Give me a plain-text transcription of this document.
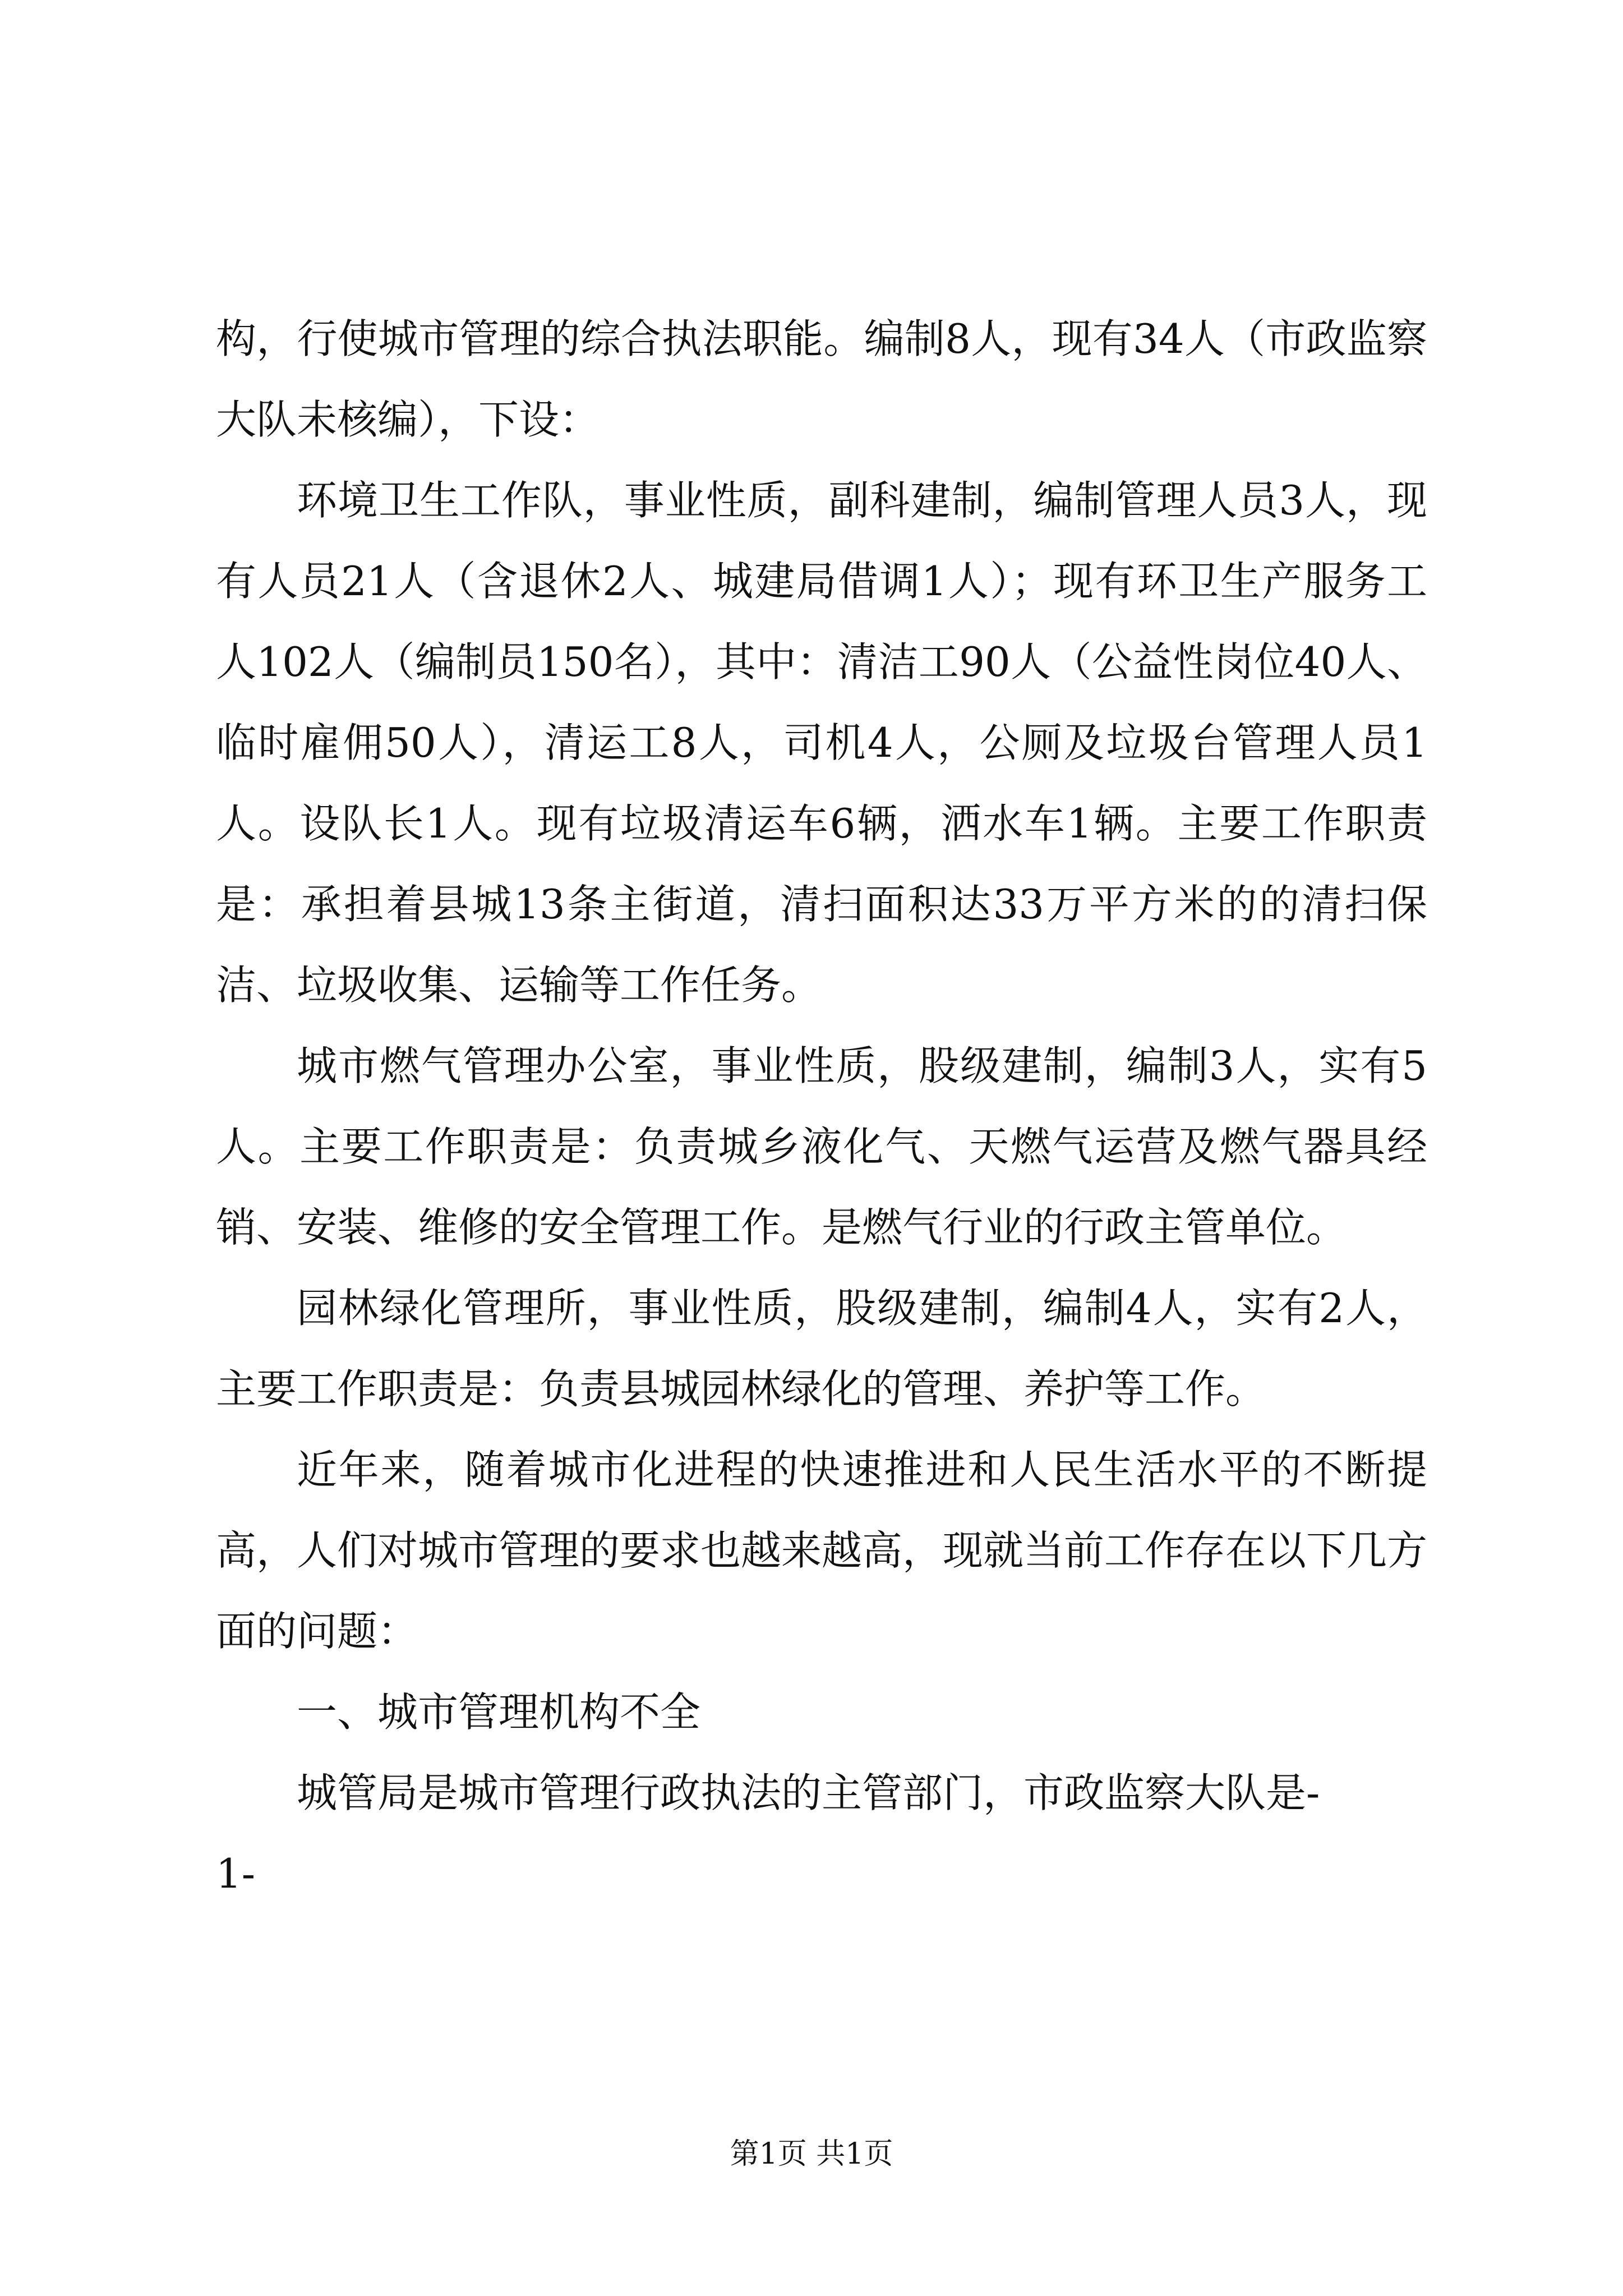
构，行使城市管理的综合执法职能。编制8人，现有34人（市政监察大队未核编），下设：

环境卫生工作队，事业性质，副科建制，编制管理人员3人，现有人员21人（含退休2人、城建局借调1人）；现有环卫生产服务工人102人（编制员150名），其中：清洁工90人（公益性岗位40人、临时雇佣50人），清运工8人，司机4人，公厕及垃圾台管理人员1人。设队长1人。现有垃圾清运车6辆，洒水车1辆。主要工作职责是：承担着县城13条主街道，清扫面积达33万平方米的的清扫保洁、垃圾收集、运输等工作任务。

城市燃气管理办公室，事业性质，股级建制，编制3人，实有5人。主要工作职责是：负责城乡液化气、天燃气运营及燃气器具经销、安装、维修的安全管理工作。是燃气行业的行政主管单位。

园林绿化管理所，事业性质，股级建制，编制4人，实有2人，主要工作职责是：负责县城园林绿化的管理、养护等工作。

近年来，随着城市化进程的快速推进和人民生活水平的不断提高，人们对城市管理的要求也越来越高，现就当前工作存在以下几方面的问题：

一、城市管理机构不全

城管局是城市管理行政执法的主管部门，市政监察大队是-

1-

第1页 共1页
